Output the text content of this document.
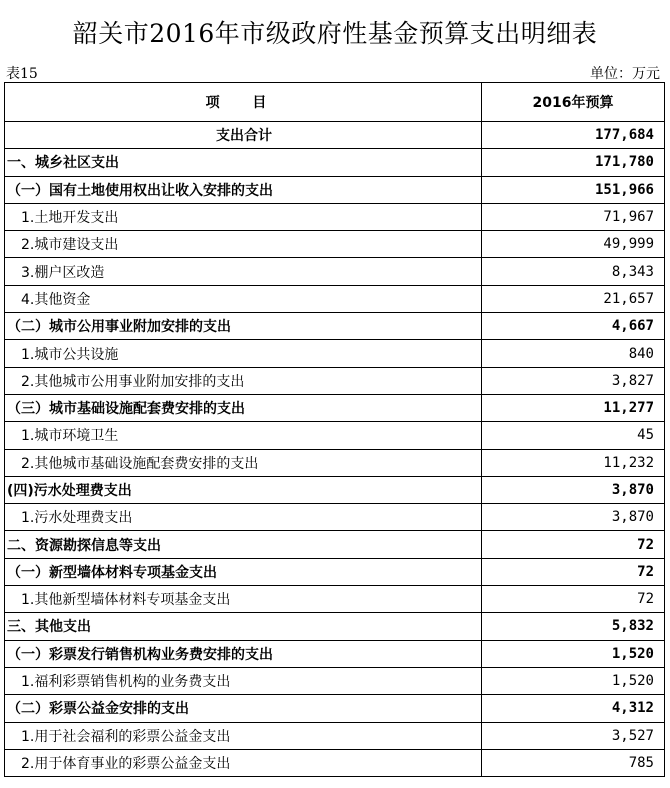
韶关市2016年市级政府性基金预算支出明细表
表15	单位：万元
项 目	2016年预算
支出合计	177,684
一、城乡社区支出	171,780
（一）国有土地使用权出让收入安排的支出	151,966
1.土地开发支出	71,967
2.城市建设支出	49,999
3.棚户区改造	8,343
4.其他资金	21,657
（二）城市公用事业附加安排的支出	4,667
1.城市公共设施	840
2.其他城市公用事业附加安排的支出	3,827
（三）城市基础设施配套费安排的支出	11,277
1.城市环境卫生	45
2.其他城市基础设施配套费安排的支出	11,232
(四)污水处理费支出	3,870
1.污水处理费支出	3,870
二、资源勘探信息等支出	72
（一）新型墙体材料专项基金支出	72
1.其他新型墙体材料专项基金支出	72
三、其他支出	5,832
（一）彩票发行销售机构业务费安排的支出	1,520
1.福利彩票销售机构的业务费支出	1,520
（二）彩票公益金安排的支出	4,312
1.用于社会福利的彩票公益金支出	3,527
2.用于体育事业的彩票公益金支出	785
